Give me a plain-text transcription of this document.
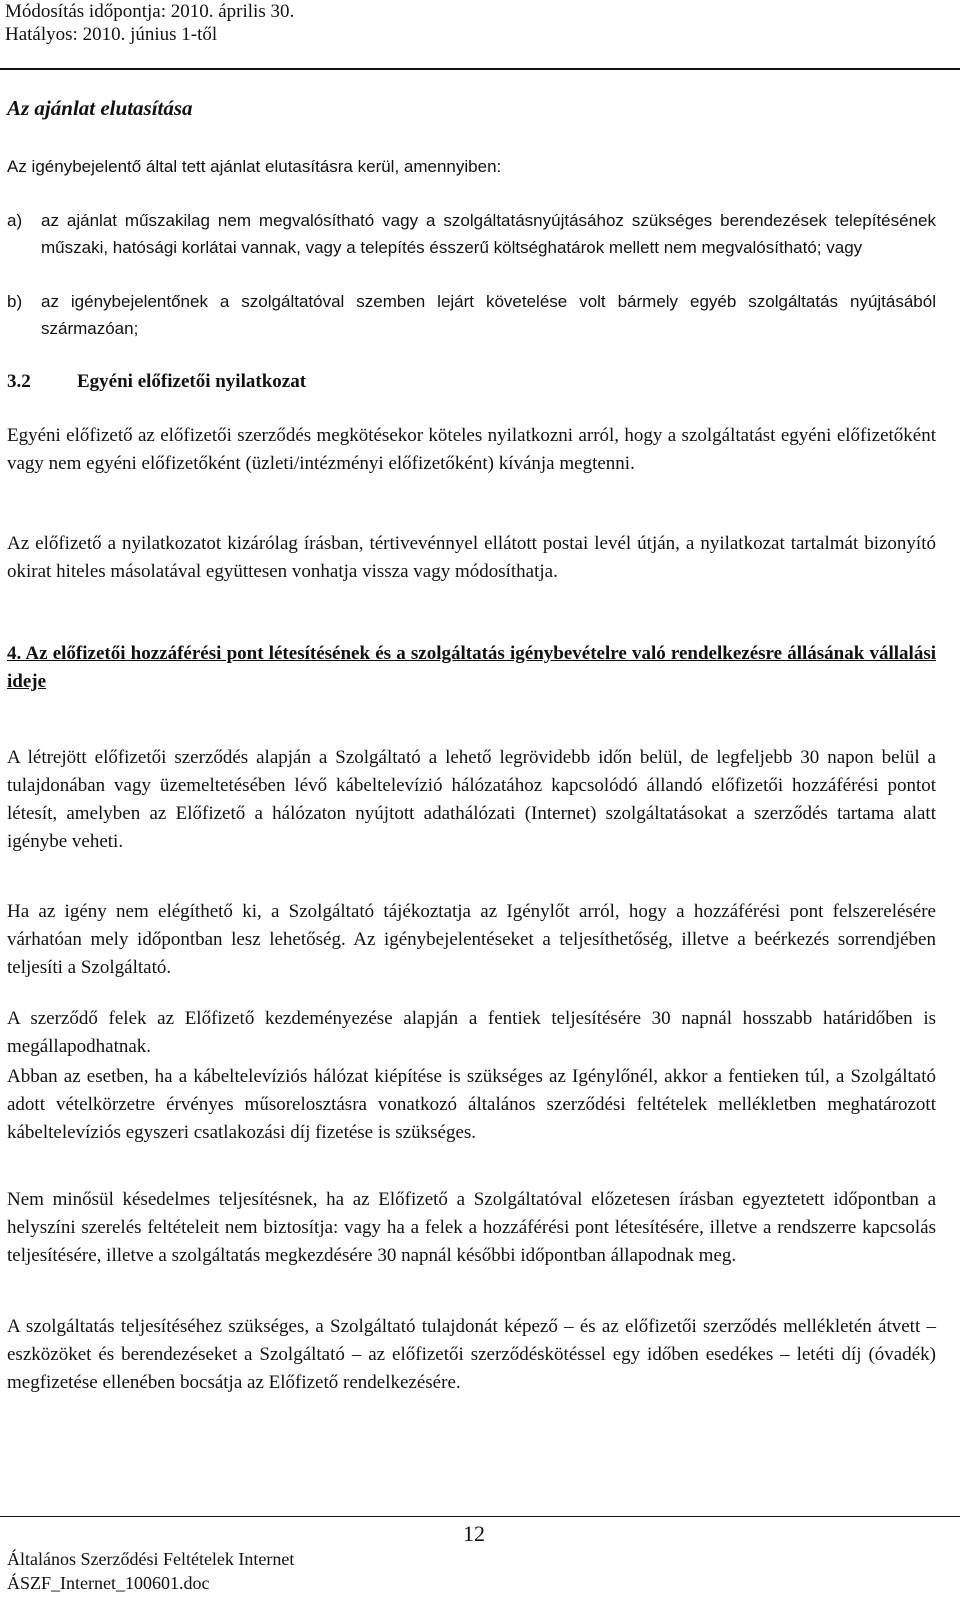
Módosítás időpontja: 2010. április 30.
Hatályos: 2010. június 1-től
Az ajánlat elutasítása
Az igénybejelentő által tett ajánlat elutasításra kerül, amennyiben:
a) az ajánlat műszakilag nem megvalósítható vagy a szolgáltatásnyújtásához szükséges berendezések telepítésének műszaki, hatósági korlátai vannak, vagy a telepítés ésszerű költséghatárok mellett nem megvalósítható; vagy
b) az igénybejelentőnek a szolgáltatóval szemben lejárt követelése volt bármely egyéb szolgáltatás nyújtásából származóan;
3.2 Egyéni előfizetői nyilatkozat
Egyéni előfizető az előfizetői szerződés megkötésekor köteles nyilatkozni arról, hogy a szolgáltatást egyéni előfizetőként vagy nem egyéni előfizetőként (üzleti/intézményi előfizetőként) kívánja megtenni.
Az előfizető a nyilatkozatot kizárólag írásban, tértivevénnyel ellátott postai levél útján, a nyilatkozat tartalmát bizonyító okirat hiteles másolatával együttesen vonhatja vissza vagy módosíthatja.
4. Az előfizetői hozzáférési pont létesítésének és a szolgáltatás igénybevételre való rendelkezésre állásának vállalási ideje
A létrejött előfizetői szerződés alapján a Szolgáltató a lehető legrövidebb időn belül, de legfeljebb 30 napon belül a tulajdonában vagy üzemeltetésében lévő kábeltelevízió hálózatához kapcsolódó állandó előfizetői hozzáférési pontot létesít, amelyben az Előfizető a hálózaton nyújtott adathálózati (Internet) szolgáltatásokat a szerződés tartama alatt igénybe veheti.
Ha az igény nem elégíthető ki, a Szolgáltató tájékoztatja az Igénylőt arról, hogy a hozzáférési pont felszerelésére várhatóan mely időpontban lesz lehetőség. Az igénybejelentéseket a teljesíthetőség, illetve a beérkezés sorrendjében teljesíti a Szolgáltató.
A szerződő felek az Előfizető kezdeményezése alapján a fentiek teljesítésére 30 napnál hosszabb határidőben is megállapodhatnak.
Abban az esetben, ha a kábeltelevíziós hálózat kiépítése is szükséges az Igénylőnél, akkor a fentieken túl, a Szolgáltató adott vételkörzetre érvényes műsorelosztásra vonatkozó általános szerződési feltételek mellékletben meghatározott kábeltelevíziós egyszeri csatlakozási díj fizetése is szükséges.
Nem minősül késedelmes teljesítésnek, ha az Előfizető a Szolgáltatóval előzetesen írásban egyeztetett időpontban a helyszíni szerelés feltételeit nem biztosítja: vagy ha a felek a hozzáférési pont létesítésére, illetve a rendszerre kapcsolás teljesítésére, illetve a szolgáltatás megkezdésére 30 napnál későbbi időpontban állapodnak meg.
A szolgáltatás teljesítéséhez szükséges, a Szolgáltató tulajdonát képező – és az előfizetői szerződés mellékletén átvett – eszközöket és berendezéseket a Szolgáltató – az előfizetői szerződéskötéssel egy időben esedékes – letéti díj (óvadék) megfizetése ellenében bocsátja az Előfizető rendelkezésére.
12
Általános Szerződési Feltételek Internet
ÁSZF_Internet_100601.doc
